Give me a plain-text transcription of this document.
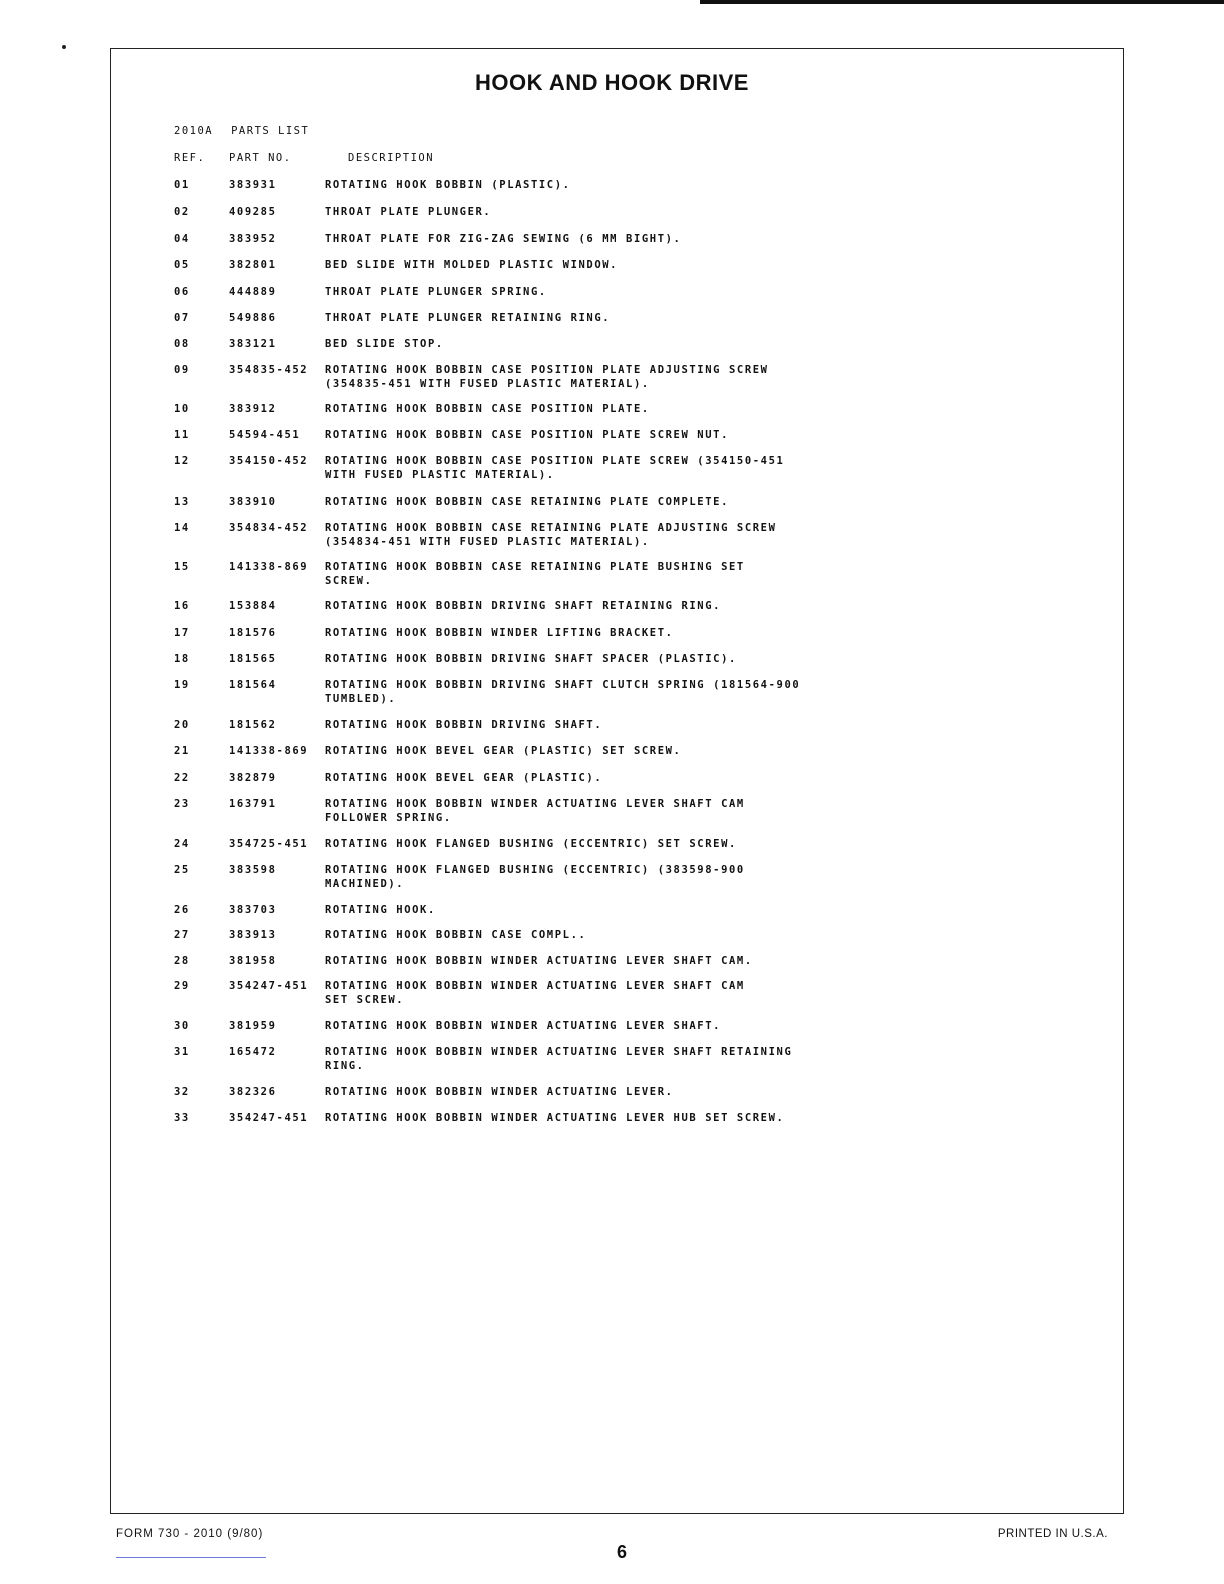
HOOK AND HOOK DRIVE
2010A PARTS LIST
REF. PART NO.	DESCRIPTION
01	383931	ROTATING HOOK BOBBIN (PLASTIC).
02	409285	THROAT PLATE PLUNGER.
04	383952	THROAT PLATE FOR ZIG-ZAG SEWING (6 MM BIGHT).
05	382801	BED SLIDE WITH MOLDED PLASTIC WINDOW.
06	444889	THROAT PLATE PLUNGER SPRING.
07	549886	THROAT PLATE PLUNGER RETAINING RING.
08	383121	BED SLIDE STOP.
09	354835-452	ROTATING HOOK BOBBIN CASE POSITION PLATE ADJUSTING SCREW
(354835-451 WITH FUSED PLASTIC MATERIAL).
10	383912	ROTATING HOOK BOBBIN CASE POSITION PLATE.
11	54594-451	ROTATING HOOK BOBBIN CASE POSITION PLATE SCREW NUT.
12	354150-452	ROTATING HOOK BOBBIN CASE POSITION PLATE SCREW (354150-451
WITH FUSED PLASTIC MATERIAL).
13	383910	ROTATING HOOK BOBBIN CASE RETAINING PLATE COMPLETE.
14	354834-452	ROTATING HOOK BOBBIN CASE RETAINING PLATE ADJUSTING SCREW
(354834-451 WITH FUSED PLASTIC MATERIAL).
15	141338-869	ROTATING HOOK BOBBIN CASE RETAINING PLATE BUSHING SET
SCREW.
16	153884	ROTATING HOOK BOBBIN DRIVING SHAFT RETAINING RING.
17	181576	ROTATING HOOK BOBBIN WINDER LIFTING BRACKET.
18	181565	ROTATING HOOK BOBBIN DRIVING SHAFT SPACER (PLASTIC).
19	181564	ROTATING HOOK BOBBIN DRIVING SHAFT CLUTCH SPRING (181564-900
TUMBLED).
20	181562	ROTATING HOOK BOBBIN DRIVING SHAFT.
21	141338-869	ROTATING HOOK BEVEL GEAR (PLASTIC) SET SCREW.
22	382879	ROTATING HOOK BEVEL GEAR (PLASTIC).
23	163791	ROTATING HOOK BOBBIN WINDER ACTUATING LEVER SHAFT CAM
FOLLOWER SPRING.
24	354725-451	ROTATING HOOK FLANGED BUSHING (ECCENTRIC) SET SCREW.
25	383598	ROTATING HOOK FLANGED BUSHING (ECCENTRIC) (383598-900
MACHINED).
26	383703	ROTATING HOOK.
27	383913	ROTATING HOOK BOBBIN CASE COMPL..
28	381958	ROTATING HOOK BOBBIN WINDER ACTUATING LEVER SHAFT CAM.
29	354247-451	ROTATING HOOK BOBBIN WINDER ACTUATING LEVER SHAFT CAM
SET SCREW.
30	381959	ROTATING HOOK BOBBIN WINDER ACTUATING LEVER SHAFT.
31	165472	ROTATING HOOK BOBBIN WINDER ACTUATING LEVER SHAFT RETAINING
RING.
32	382326	ROTATING HOOK BOBBIN WINDER ACTUATING LEVER.
33	354247-451	ROTATING HOOK BOBBIN WINDER ACTUATING LEVER HUB SET SCREW.
FORM 730 - 2010 (9/80)
6
PRINTED IN U.S.A.
